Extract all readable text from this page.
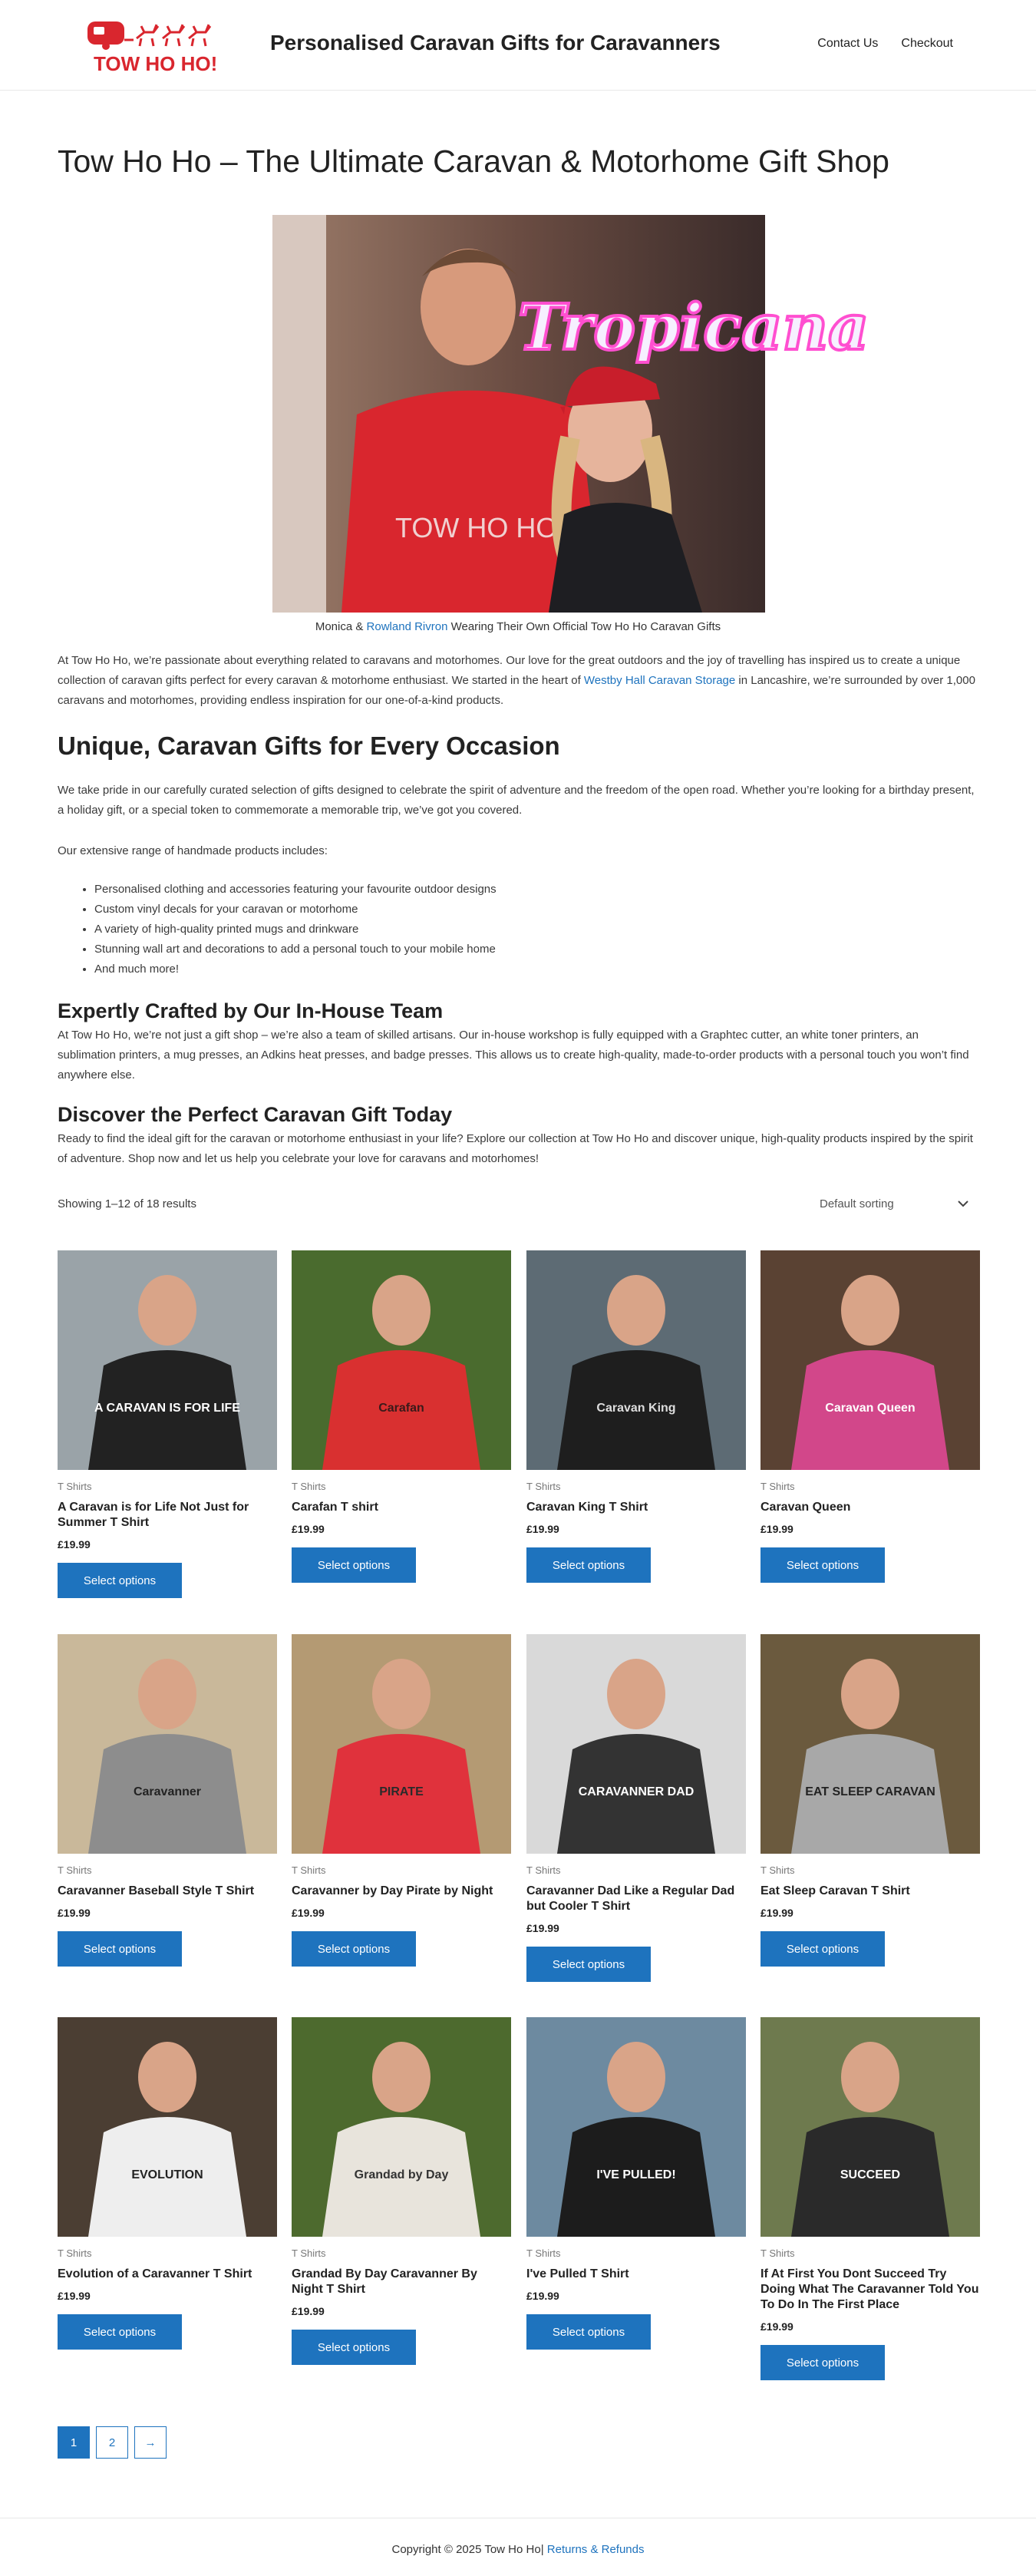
TOW HO HO!
Personalised Caravan Gifts for Caravanners	Contact Us Checkout
Tow Ho Ho – The Ultimate Caravan & Motorhome Gift Shop
Tropicana
TOW HO HO
Monica & Rowland Rivron Wearing Their Own Official Tow Ho Ho Caravan Gifts
At Tow Ho Ho, we’re passionate about everything related to caravans and motorhomes. Our love for the great outdoors and the joy of travelling has inspired us to create a unique collection of caravan gifts perfect for every caravan & motorhome enthusiast. We started in the heart of Westby Hall Caravan Storage in Lancashire, we’re surrounded by over 1,000 caravans and motorhomes, providing endless inspiration for our one-of-a-kind products.
Unique, Caravan Gifts for Every Occasion
We take pride in our carefully curated selection of gifts designed to celebrate the spirit of adventure and the freedom of the open road. Whether you’re looking for a birthday present, a holiday gift, or a special token to commemorate a memorable trip, we’ve got you covered.
Our extensive range of handmade products includes:
• Personalised clothing and accessories featuring your favourite outdoor designs
• Custom vinyl decals for your caravan or motorhome
• A variety of high-quality printed mugs and drinkware
• Stunning wall art and decorations to add a personal touch to your mobile home
• And much more!
Expertly Crafted by Our In-House Team
At Tow Ho Ho, we’re not just a gift shop – we’re also a team of skilled artisans. Our in-house workshop is fully equipped with a Graphtec cutter, an white toner printers, an sublimation printers, a mug presses, an Adkins heat presses, and badge presses. This allows us to create high-quality, made-to-order products with a personal touch you won’t find anywhere else.
Discover the Perfect Caravan Gift Today
Ready to find the ideal gift for the caravan or motorhome enthusiast in your life? Explore our collection at Tow Ho Ho and discover unique, high-quality products inspired by the spirit of adventure. Shop now and let us help you celebrate your love for caravans and motorhomes!
Showing 1–12 of 18 results	Default sorting
A CARAVAN IS FOR LIFE
T Shirts
A Caravan is for Life Not Just for Summer T Shirt
£19.99
Select options
Carafan
T Shirts
Carafan T shirt
£19.99
Select options
Caravan King
T Shirts
Caravan King T Shirt
£19.99
Select options
Caravan Queen
T Shirts
Caravan Queen
£19.99
Select options
Caravanner
T Shirts
Caravanner Baseball Style T Shirt
£19.99
Select options
PIRATE
T Shirts
Caravanner by Day Pirate by Night
£19.99
Select options
CARAVANNER DAD
T Shirts
Caravanner Dad Like a Regular Dad but Cooler T Shirt
£19.99
Select options
EAT SLEEP CARAVAN
T Shirts
Eat Sleep Caravan T Shirt
£19.99
Select options
EVOLUTION
T Shirts
Evolution of a Caravanner T Shirt
£19.99
Select options
Grandad by Day
T Shirts
Grandad By Day Caravanner By Night T Shirt
£19.99
Select options
I'VE PULLED!
T Shirts
I've Pulled T Shirt
£19.99
Select options
SUCCEED
T Shirts
If At First You Dont Succeed Try Doing What The Caravanner Told You To Do In The First Place
£19.99
Select options
1	2	→
Copyright © 2025 Tow Ho Ho| Returns & Refunds
